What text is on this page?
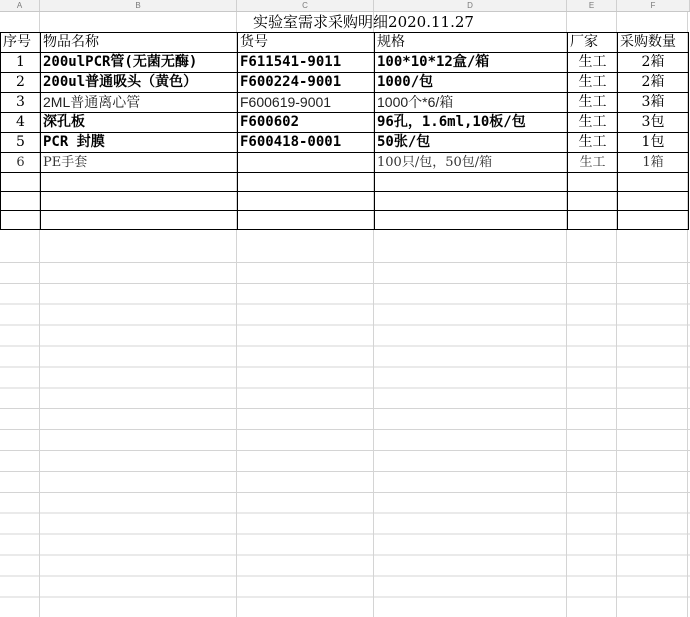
A	B	C	D	E	F
实验室需求采购明细2020.11.27
序号	物品名称	货号	规格	厂家	采购数量
1	200ulPCR管(无菌无酶)	F611541-9011	100*10*12盒/箱	生工	2箱
2	200ul普通吸头（黄色）	F600224-9001	1000/包	生工	2箱
3	2ML普通离心管	F600619-9001	1000个*6/箱	生工	3箱
4	深孔板	F600602	96孔，1.6ml,10板/包	生工	3包
5	PCR 封膜	F600418-0001	50张/包	生工	1包
6	PE手套		100只/包，50包/箱	生工	1箱
